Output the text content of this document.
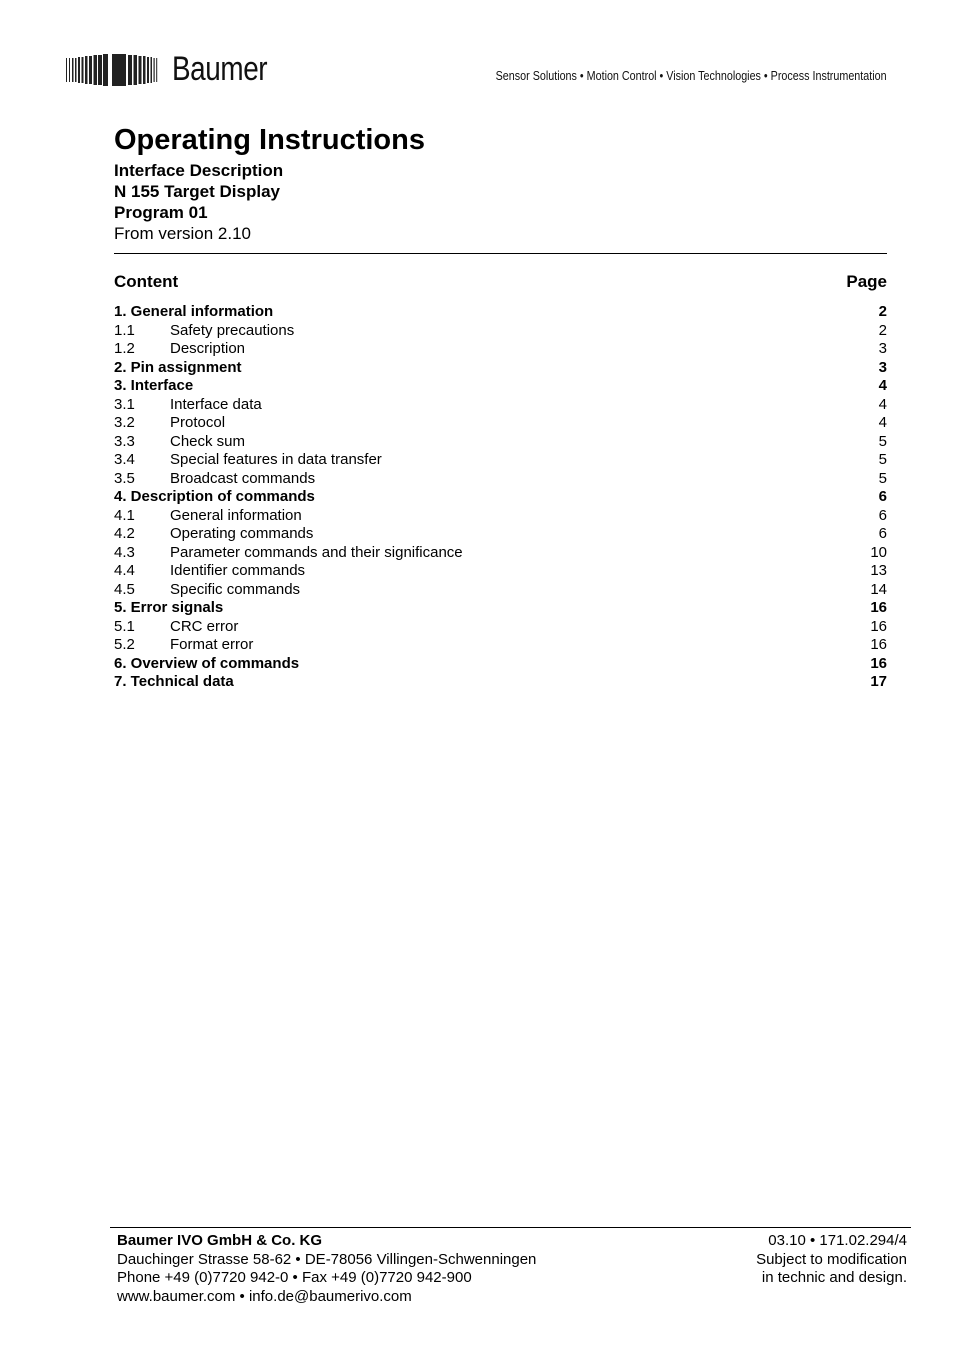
Baumer	Sensor Solutions • Motion Control • Vision Technologies • Process Instrumentation
Operating Instructions
Interface Description
N 155 Target Display
Program 01
From version 2.10
Content	Page
1. General information	2
1.1 Safety precautions	2
1.2 Description	3
2. Pin assignment	3
3. Interface	4
3.1 Interface data	4
3.2 Protocol	4
3.3 Check sum	5
3.4 Special features in data transfer	5
3.5 Broadcast commands	5
4. Description of commands	6
4.1 General information	6
4.2 Operating commands	6
4.3 Parameter commands and their significance	10
4.4 Identifier commands	13
4.5 Specific commands	14
5. Error signals	16
5.1 CRC error	16
5.2 Format error	16
6. Overview of commands	16
7. Technical data	17
Baumer IVO GmbH & Co. KG
Dauchinger Strasse 58-62 • DE-78056 Villingen-Schwenningen
Phone +49 (0)7720 942-0 • Fax +49 (0)7720 942-900
www.baumer.com • info.de@baumerivo.com
03.10 • 171.02.294/4
Subject to modification
in technic and design.
